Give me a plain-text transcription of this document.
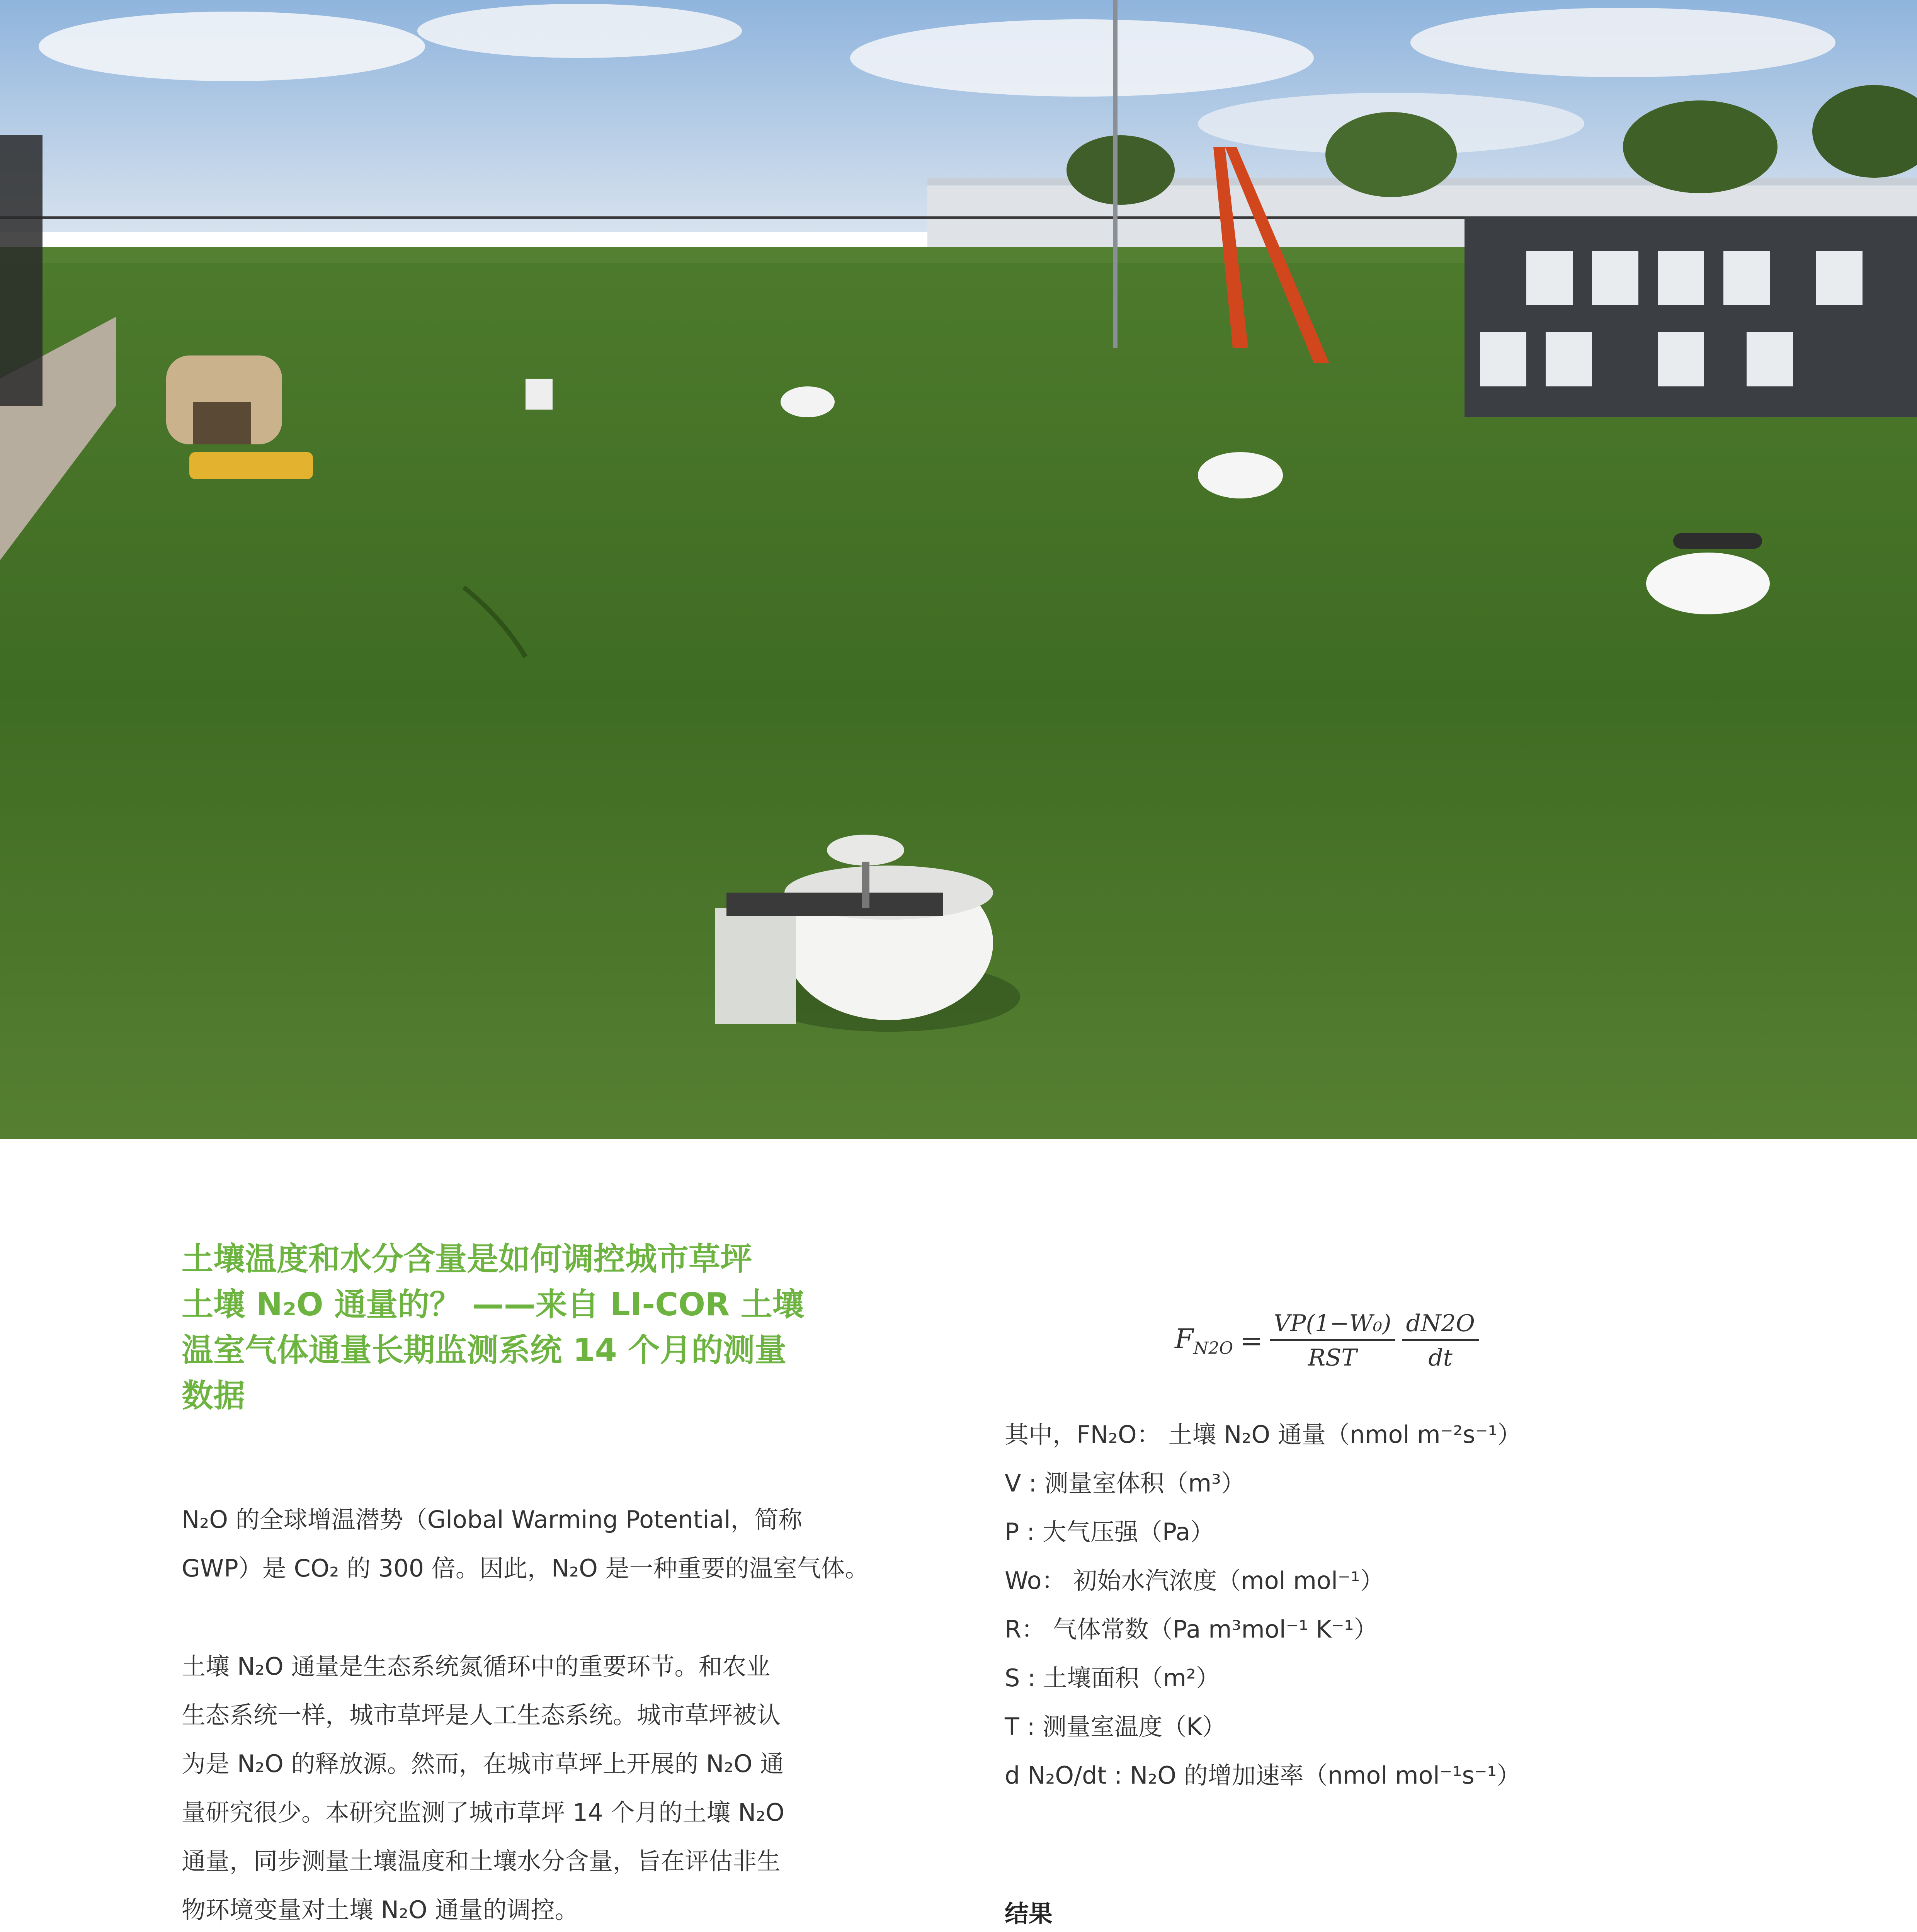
土壤温度和水分含量是如何调控城市草坪
土壤 N₂O 通量的？ ——来自 LI-COR 土壤
温室气体通量长期监测系统 14 个月的测量
数据

N₂O 的全球增温潜势（Global Warming Potential，简称

GWP）是 CO₂ 的 300 倍。因此，N₂O 是一种重要的温室气体。

土壤 N₂O 通量是生态系统氮循环中的重要环节。和农业

生态系统一样，城市草坪是人工生态系统。城市草坪被认

为是 N₂O 的释放源。然而，在城市草坪上开展的 N₂O 通

量研究很少。本研究监测了城市草坪 14 个月的土壤 N₂O

通量，同步测量土壤温度和土壤水分含量，旨在评估非生

物环境变量对土壤 N₂O 通量的调控。

$F_{N2O} = \frac{\text{VP(1−W₀)}}{\text{RST}} \frac{dN2O}{dt}$

其中，FN₂O： 土壤 N₂O 通量（nmol m⁻²s⁻¹）

V : 测量室体积（m³）

P : 大气压强（Pa）

Wo： 初始水汽浓度（mol mol⁻¹）

R： 气体常数（Pa m³mol⁻¹ K⁻¹）

S : 土壤面积（m²）

T : 测量室温度（K）

d N₂O/dt : N₂O 的增加速率（nmol mol⁻¹s⁻¹）

结果
